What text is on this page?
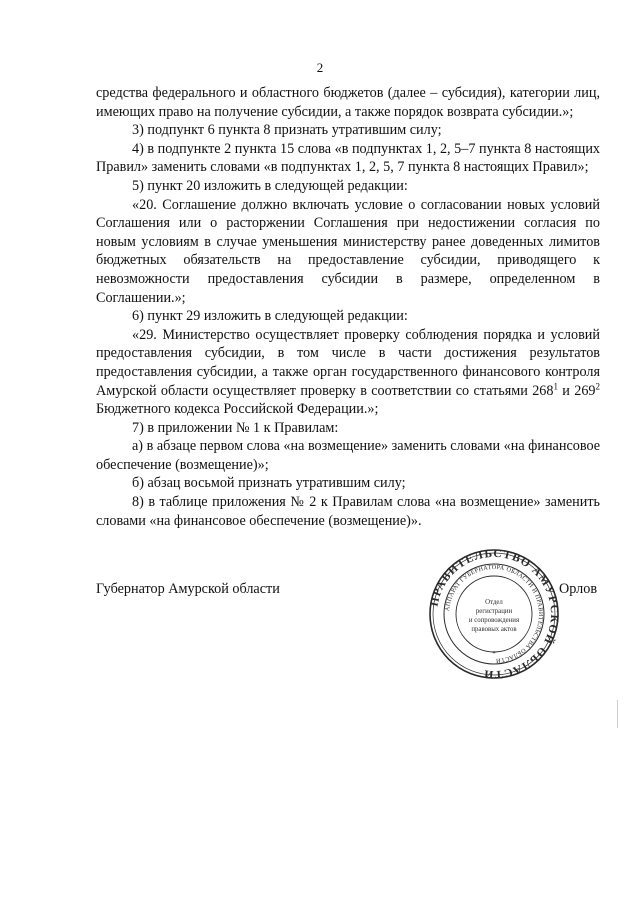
2

средства федерального и областного бюджетов (далее – субсидия), категории лиц, имеющих право на получение субсидии, а также порядок возврата субсидии.»;

3) подпункт 6 пункта 8 признать утратившим силу;

4) в подпункте 2 пункта 15 слова «в подпунктах 1, 2, 5–7 пункта 8 настоящих Правил» заменить словами «в подпунктах 1, 2, 5, 7 пункта 8 настоящих Правил»;

5) пункт 20 изложить в следующей редакции:

«20. Соглашение должно включать условие о согласовании новых условий Соглашения или о расторжении Соглашения при недостижении согласия по новым условиям в случае уменьшения министерству ранее доведенных лимитов бюджетных обязательств на предоставление субсидии, приводящего к невозможности предоставления субсидии в размере, определенном в Соглашении.»;

6) пункт 29 изложить в следующей редакции:

«29. Министерство осуществляет проверку соблюдения порядка и условий предоставления субсидии, в том числе в части достижения результатов предоставления субсидии, а также орган государственного финансового контроля Амурской области осуществляет проверку в соответствии со статьями $268^1$ и $269^2$ Бюджетного кодекса Российской Федерации.»;

7) в приложении № 1 к Правилам:

а) в абзаце первом слова «на возмещение» заменить словами «на финансовое обеспечение (возмещение)»;

б) абзац восьмой признать утратившим силу;

8) в таблице приложения № 2 к Правилам слова «на возмещение» заменить словами «на финансовое обеспечение (возмещение)».

Губернатор Амурской области
ПРАВИТЕЛЬСТВО АМУРСКОЙ ОБЛАСТИ
АППАРАТ ГУБЕРНАТОРА ОБЛАСТИ И ПРАВИТЕЛЬСТВА ОБЛАСТИ
Отдел
регистрации
и сопровождения
правовых актов
*
Орлов
